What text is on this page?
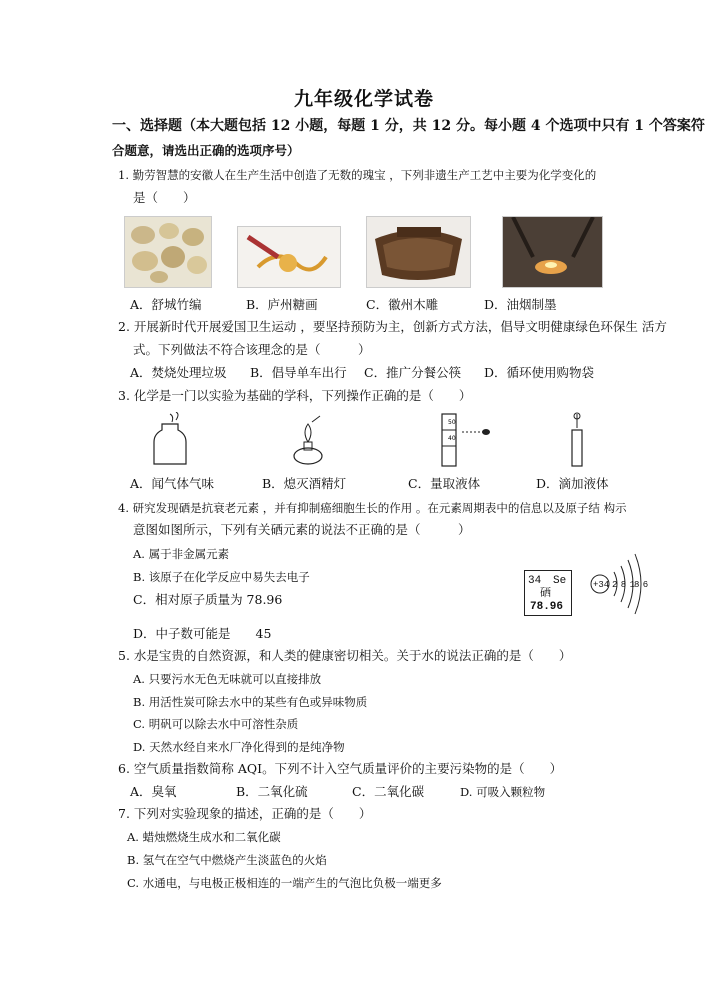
九年级化学试卷
一、选择题（本大题包括 12 小题，每题 1 分，共 12 分。每小题 4 个选项中只有 1 个答案符
合题意，请选出正确的选项序号）
1. 勤劳智慧的安徽人在生产生活中创造了无数的瑰宝 ，下列非遗生产工艺中主要为化学变化的
是（　　）
A．舒城竹编	B．庐州糖画	C．徽州木雕	D．油烟制墨
2. 开展新时代开展爱国卫生运动 ，要坚持预防为主，创新方式方法，倡导文明健康绿色环保生 活方
式。下列做法不符合该理念的是（　　　）
A．焚烧处理垃圾 B．倡导单车出行 C．推广分餐公筷 D．循环使用购物袋
3. 化学是一门以实验为基础的学科，下列操作正确的是（　　）
50
40
A．闻气体气味	B．熄灭酒精灯	C．量取液体	D．滴加液体
4. 研究发现硒是抗衰老元素 ，并有抑制癌细胞生长的作用 。在元素周期表中的信息以及原子结 构示
意图如图所示，下列有关硒元素的说法不正确的是（　　　）
A. 属于非金属元素
B. 该原子在化学反应中易失去电子
C．相对原子质量为 78.96
D．中子数可能是　　45
34 Se
硒
78.96
+34 2 8 18 6
5. 水是宝贵的自然资源，和人类的健康密切相关。关于水的说法正确的是（　　）
A. 只要污水无色无味就可以直接排放
B. 用活性炭可除去水中的某些有色或异味物质
C. 明矾可以除去水中可溶性杂质
D. 天然水经自来水厂净化得到的是纯净物
6. 空气质量指数简称 AQI。下列不计入空气质量评价的主要污染物的是（　　）
A．臭氧	B．二氧化硫	C．二氧化碳	D. 可吸入颗粒物
7. 下列对实验现象的描述，正确的是（　　）
A. 蜡烛燃烧生成水和二氧化碳
B. 氢气在空气中燃烧产生淡蓝色的火焰
C. 水通电，与电极正极相连的一端产生的气泡比负极一端更多
